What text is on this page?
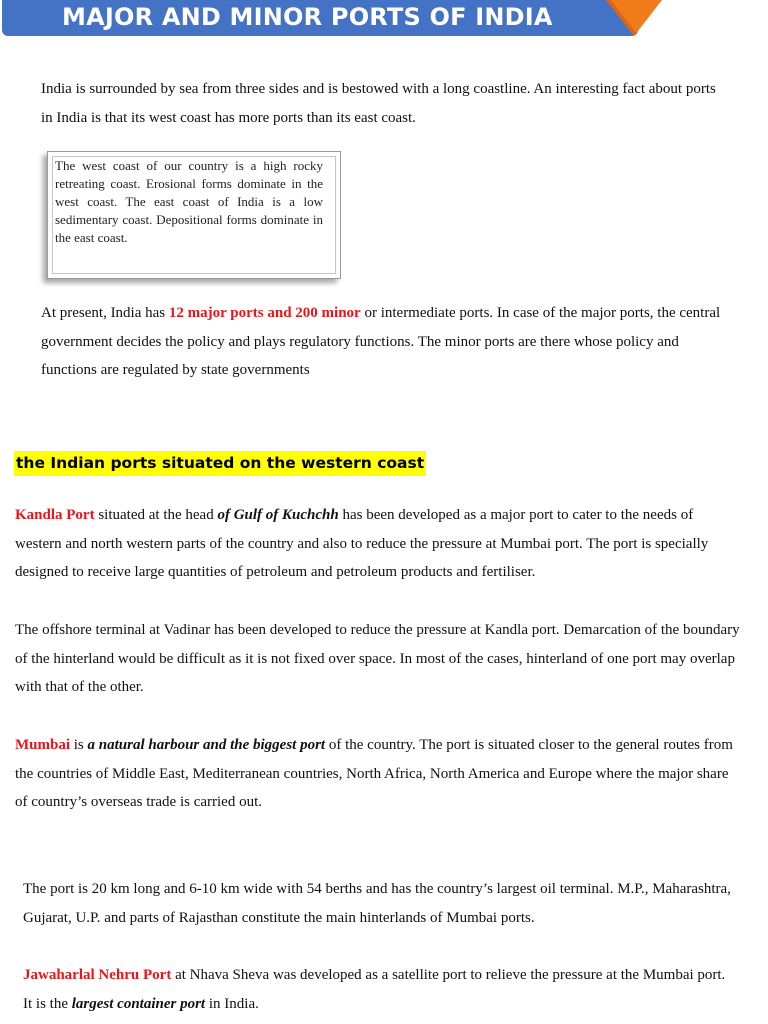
MAJOR AND MINOR PORTS OF INDIA

India is surrounded by sea from three sides and is bestowed with a long coastline. An interesting fact about ports in India is that its west coast has more ports than its east coast.

The west coast of our country is a high rocky retreating coast. Erosional forms dominate in the west coast. The east coast of India is a low sedimentary coast. Depositional forms dominate in the east coast.

At present, India has 12 major ports and 200 minor or intermediate ports. In case of the major ports, the central government decides the policy and plays regulatory functions. The minor ports are there whose policy and functions are regulated by state governments

the Indian ports situated on the western coast

Kandla Port situated at the head of Gulf of Kuchchh has been developed as a major port to cater to the needs of western and north western parts of the country and also to reduce the pressure at Mumbai port. The port is specially designed to receive large quantities of petroleum and petroleum products and fertiliser.

The offshore terminal at Vadinar has been developed to reduce the pressure at Kandla port. Demarcation of the boundary of the hinterland would be difficult as it is not fixed over space. In most of the cases, hinterland of one port may overlap with that of the other.

Mumbai is a natural harbour and the biggest port of the country. The port is situated closer to the general routes from the countries of Middle East, Mediterranean countries, North Africa, North America and Europe where the major share of country’s overseas trade is carried out.

The port is 20 km long and 6-10 km wide with 54 berths and has the country’s largest oil terminal. M.P., Maharashtra, Gujarat, U.P. and parts of Rajasthan constitute the main hinterlands of Mumbai ports.

Jawaharlal Nehru Port at Nhava Sheva was developed as a satellite port to relieve the pressure at the Mumbai port. It is the largest container port in India.
